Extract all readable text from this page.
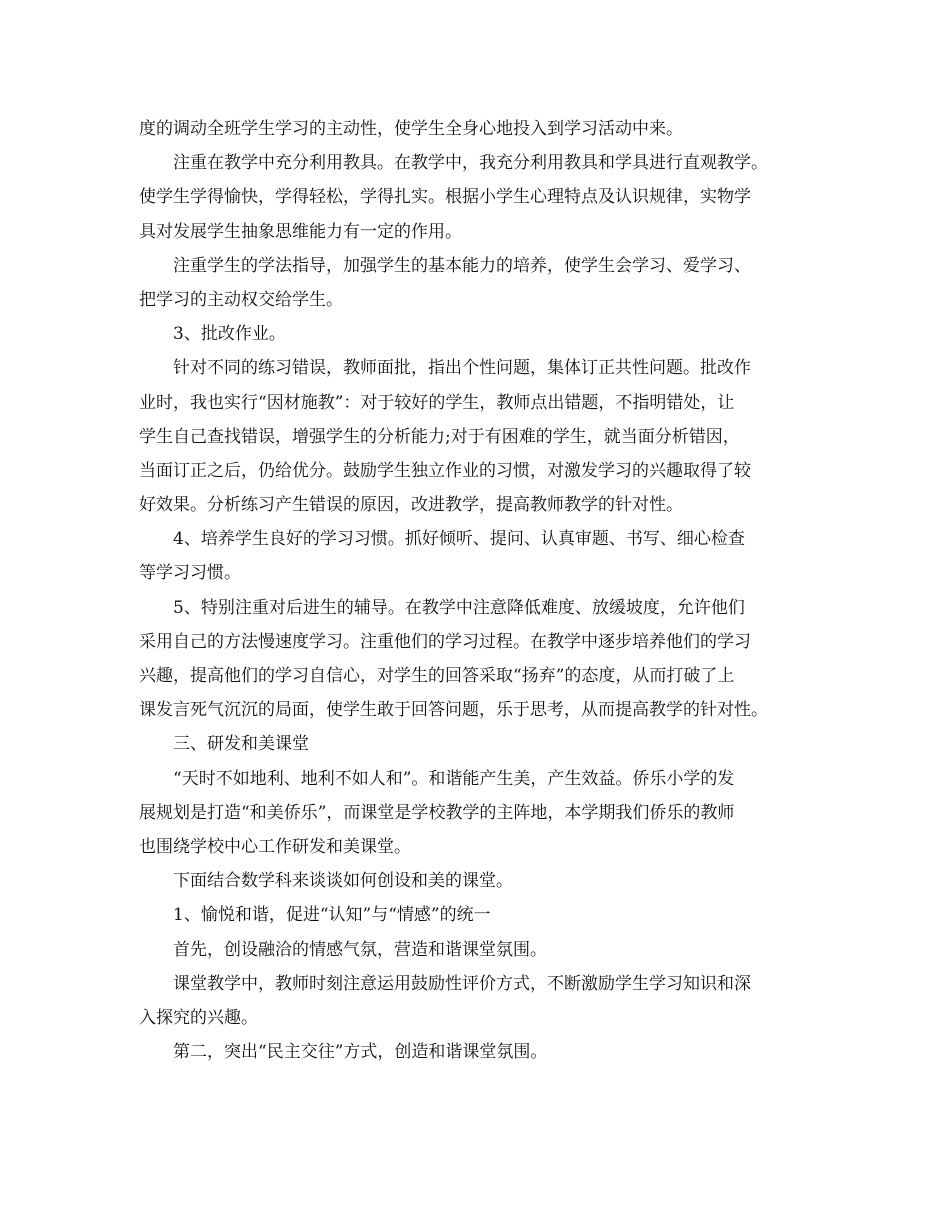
度的调动全班学生学习的主动性，使学生全身心地投入到学习活动中来。
注重在教学中充分利用教具。在教学中，我充分利用教具和学具进行直观教学。
使学生学得愉快，学得轻松，学得扎实。根据小学生心理特点及认识规律，实物学
具对发展学生抽象思维能力有一定的作用。
注重学生的学法指导，加强学生的基本能力的培养，使学生会学习、爱学习、
把学习的主动权交给学生。
3、批改作业。
针对不同的练习错误，教师面批，指出个性问题，集体订正共性问题。批改作
业时，我也实行“因材施教”：对于较好的学生，教师点出错题，不指明错处，让
学生自己查找错误，增强学生的分析能力;对于有困难的学生，就当面分析错因，
当面订正之后，仍给优分。鼓励学生独立作业的习惯，对激发学习的兴趣取得了较
好效果。分析练习产生错误的原因，改进教学，提高教师教学的针对性。
4、培养学生良好的学习习惯。抓好倾听、提问、认真审题、书写、细心检查
等学习习惯。
5、特别注重对后进生的辅导。在教学中注意降低难度、放缓坡度，允许他们
采用自己的方法慢速度学习。注重他们的学习过程。在教学中逐步培养他们的学习
兴趣，提高他们的学习自信心，对学生的回答采取“扬弃”的态度，从而打破了上
课发言死气沉沉的局面，使学生敢于回答问题，乐于思考，从而提高教学的针对性。
三、研发和美课堂
“天时不如地利、地利不如人和”。和谐能产生美，产生效益。侨乐小学的发
展规划是打造“和美侨乐”，而课堂是学校教学的主阵地，本学期我们侨乐的教师
也围绕学校中心工作研发和美课堂。
下面结合数学科来谈谈如何创设和美的课堂。
1、愉悦和谐，促进“认知”与“情感”的统一
首先，创设融洽的情感气氛，营造和谐课堂氛围。
课堂教学中，教师时刻注意运用鼓励性评价方式，不断激励学生学习知识和深
入探究的兴趣。
第二，突出“民主交往”方式，创造和谐课堂氛围。
